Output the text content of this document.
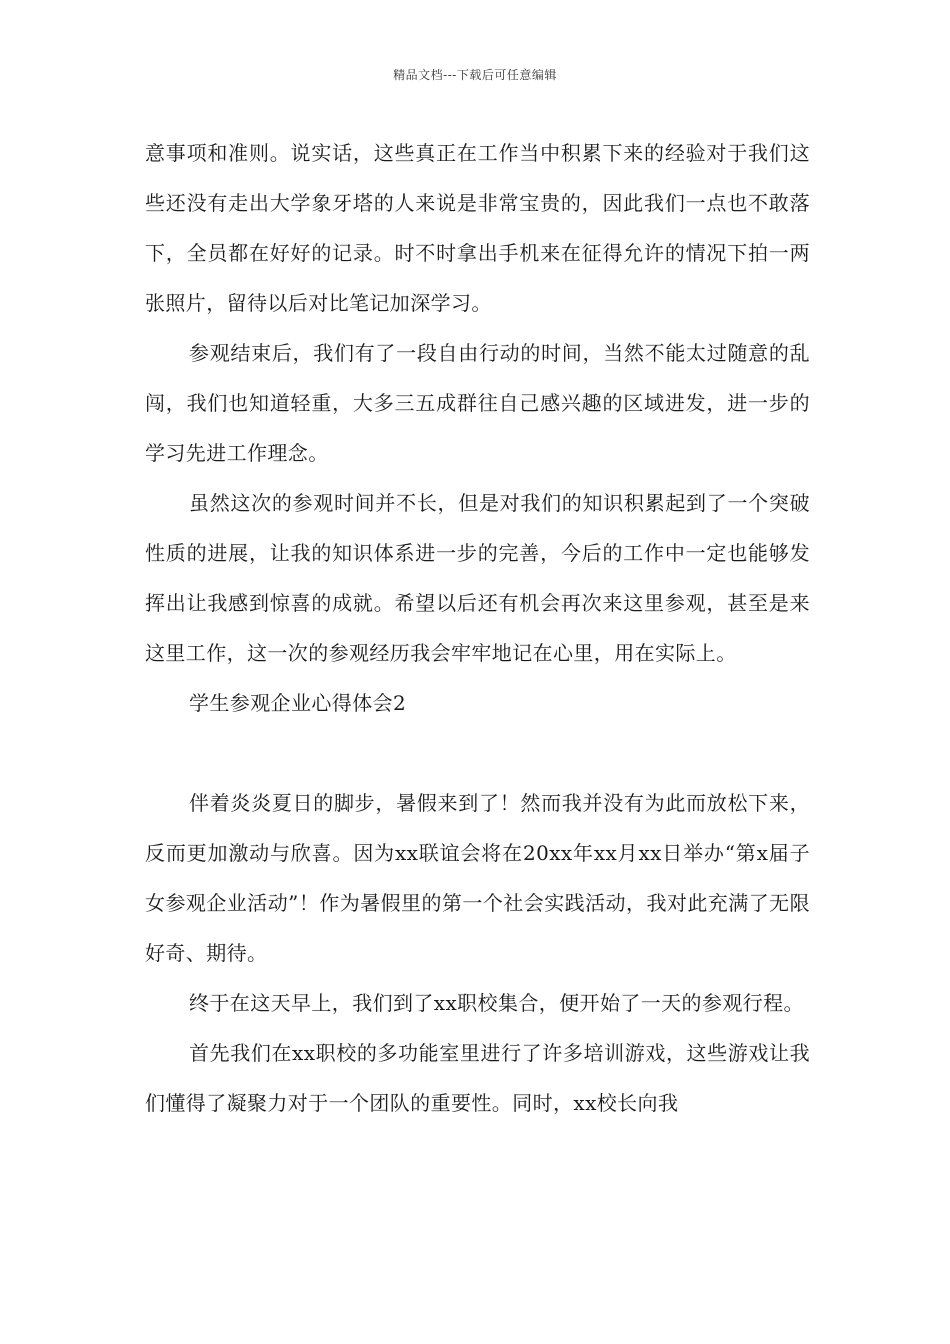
精品文档---下载后可任意编辑

意事项和准则。说实话，这些真正在工作当中积累下来的经验对于我们这些还没有走出大学象牙塔的人来说是非常宝贵的，因此我们一点也不敢落下，全员都在好好的记录。时不时拿出手机来在征得允许的情况下拍一两张照片，留待以后对比笔记加深学习。

参观结束后，我们有了一段自由行动的时间，当然不能太过随意的乱闯，我们也知道轻重，大多三五成群往自己感兴趣的区域进发，进一步的学习先进工作理念。

虽然这次的参观时间并不长，但是对我们的知识积累起到了一个突破性质的进展，让我的知识体系进一步的完善，今后的工作中一定也能够发挥出让我感到惊喜的成就。希望以后还有机会再次来这里参观，甚至是来这里工作，这一次的参观经历我会牢牢地记在心里，用在实际上。

学生参观企业心得体会2

伴着炎炎夏日的脚步，暑假来到了！然而我并没有为此而放松下来，反而更加激动与欣喜。因为xx联谊会将在20xx年xx月xx日举办“第x届子女参观企业活动”！作为暑假里的第一个社会实践活动，我对此充满了无限好奇、期待。

终于在这天早上，我们到了xx职校集合，便开始了一天的参观行程。

首先我们在xx职校的多功能室里进行了许多培训游戏，这些游戏让我们懂得了凝聚力对于一个团队的重要性。同时，xx校长向我
